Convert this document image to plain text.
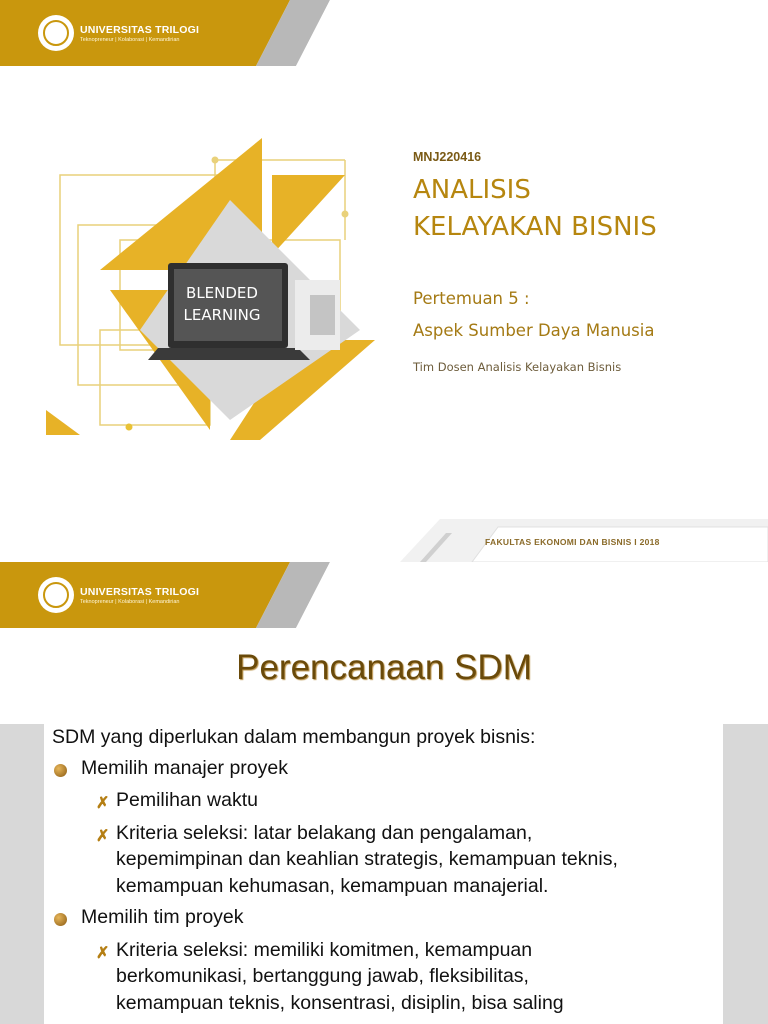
UNIVERSITAS TRILOGI
Teknopreneur | Kolaborasi | Kemandirian
BLENDED
LEARNING
MNJ220416
ANALISIS
KELAYAKAN BISNIS
Pertemuan 5 :
Aspek Sumber Daya Manusia
Tim Dosen Analisis Kelayakan Bisnis
FAKULTAS EKONOMI DAN BISNIS I 2018
UNIVERSITAS TRILOGI
Teknopreneur | Kolaborasi | Kemandirian
Perencanaan SDM
SDM yang diperlukan dalam membangun proyek bisnis:
Memilih manajer proyek
✗ Pemilihan waktu
✗ Kriteria seleksi: latar belakang dan pengalaman,
kepemimpinan dan keahlian strategis, kemampuan teknis,
kemampuan kehumasan, kemampuan manajerial.
Memilih tim proyek
✗ Kriteria seleksi: memiliki komitmen, kemampuan
berkomunikasi, bertanggung jawab, fleksibilitas,
kemampuan teknis, konsentrasi, disiplin, bisa saling
